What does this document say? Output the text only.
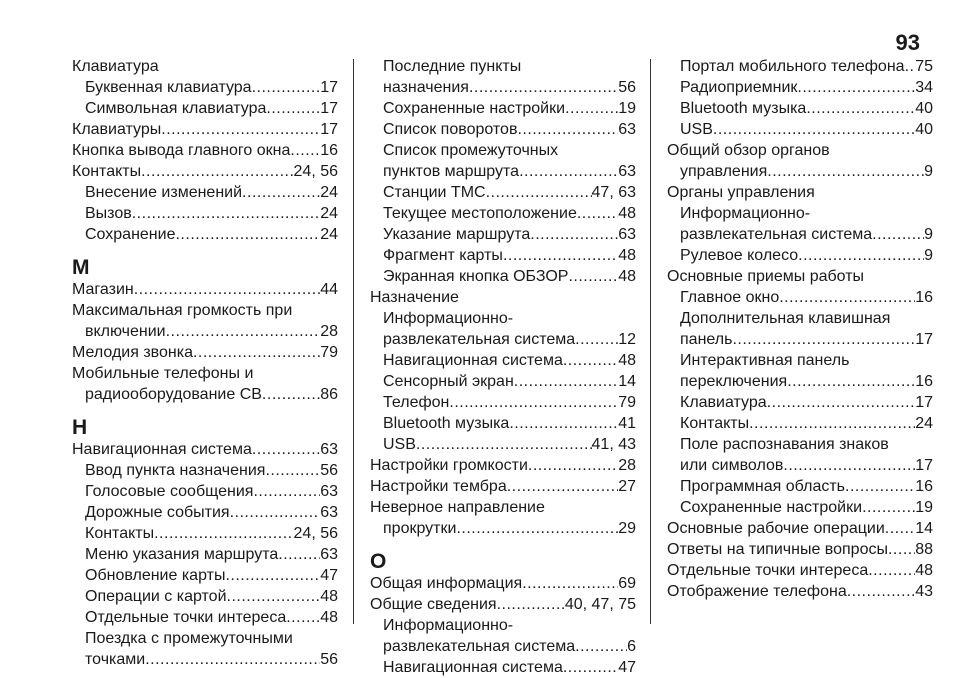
93
Клавиатура
Буквенная клавиатура .....	17
Символьная клавиатура .....	17
Клавиатуры .....	17
Кнопка вывода главного окна ..... 16
Контакты .....	24, 56
Внесение изменений .....	24
Вызов .....	24
Сохранение .....	24
М
Магазин .....	44
Максимальная громкость при
включении .....	28
Мелодия звонка .....	79
Мобильные телефоны и
радиооборудование CB .....	86
Н
Навигационная система .....	63
Ввод пункта назначения .....	56
Голосовые сообщения .....	63
Дорожные события .....	63
Контакты .....	24, 56
Меню указания маршрута .....	63
Обновление карты .....	47
Операции с картой .....	48
Отдельные точки интереса ..... 48
Поездка с промежуточными
точками .....	56
Последние пункты
назначения .....	56
Сохраненные настройки .....	19
Список поворотов .....	63
Список промежуточных
пунктов маршрута .....	63
Станции TMC .....	47, 63
Текущее местоположение .....	48
Указание маршрута .....	63
Фрагмент карты .....	48
Экранная кнопка ОБЗОР .....	48
Назначение
Информационно-
развлекательная система .....	12
Навигационная система .....	48
Сенсорный экран .....	14
Телефон .....	79
Bluetooth музыка .....	41
USB .....	41, 43
Настройки громкости .....	28
Настройки тембра .....	27
Неверное направление
прокрутки .....	29
О
Общая информация .....	69
Общие сведения .....	40, 47, 75
Информационно-
развлекательная система .....	6
Навигационная система .....	47
Портал мобильного телефона ..... 75
Радиоприемник .....	34
Bluetooth музыка .....	40
USB .....	40
Общий обзор органов
управления .....	9
Органы управления
Информационно-
развлекательная система .....	9
Рулевое колесо .....	9
Основные приемы работы
Главное окно .....	16
Дополнительная клавишная
панель .....	17
Интерактивная панель
переключения .....	16
Клавиатура .....	17
Контакты .....	24
Поле распознавания знаков
или символов .....	17
Программная область .....	16
Сохраненные настройки .....	19
Основные рабочие операции ..... 14
Ответы на типичные вопросы ..... 88
Отдельные точки интереса .....	48
Отображение телефона .....	43
